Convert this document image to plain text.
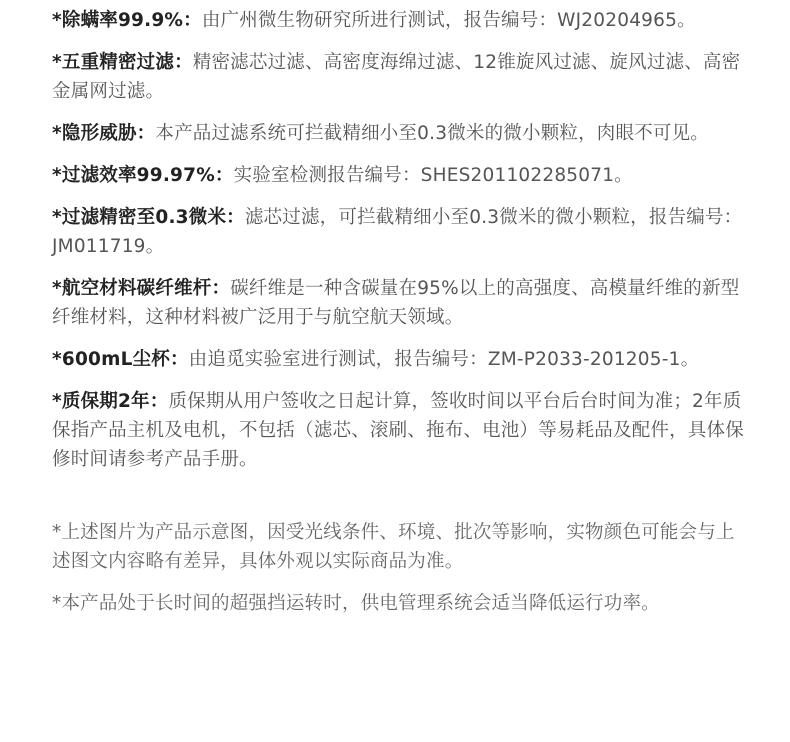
*除螨率99.9%：由广州微生物研究所进行测试，报告编号：WJ20204965。
*五重精密过滤：精密滤芯过滤、高密度海绵过滤、12锥旋风过滤、旋风过滤、高密金属网过滤。
*隐形威胁：本产品过滤系统可拦截精细小至0.3微米的微小颗粒，肉眼不可见。
*过滤效率99.97%：实验室检测报告编号：SHES201102285071。
*过滤精密至0.3微米：滤芯过滤，可拦截精细小至0.3微米的微小颗粒，报告编号：JM011719。
*航空材料碳纤维杆：碳纤维是一种含碳量在95%以上的高强度、高模量纤维的新型纤维材料，这种材料被广泛用于与航空航天领域。
*600mL尘杯：由追觅实验室进行测试，报告编号：ZM-P2033-201205-1。
*质保期2年：质保期从用户签收之日起计算，签收时间以平台后台时间为准；2年质保指产品主机及电机，不包括（滤芯、滚刷、拖布、电池）等易耗品及配件，具体保修时间请参考产品手册。
*上述图片为产品示意图，因受光线条件、环境、批次等影响，实物颜色可能会与上述图文内容略有差异，具体外观以实际商品为准。
*本产品处于长时间的超强挡运转时，供电管理系统会适当降低运行功率。
